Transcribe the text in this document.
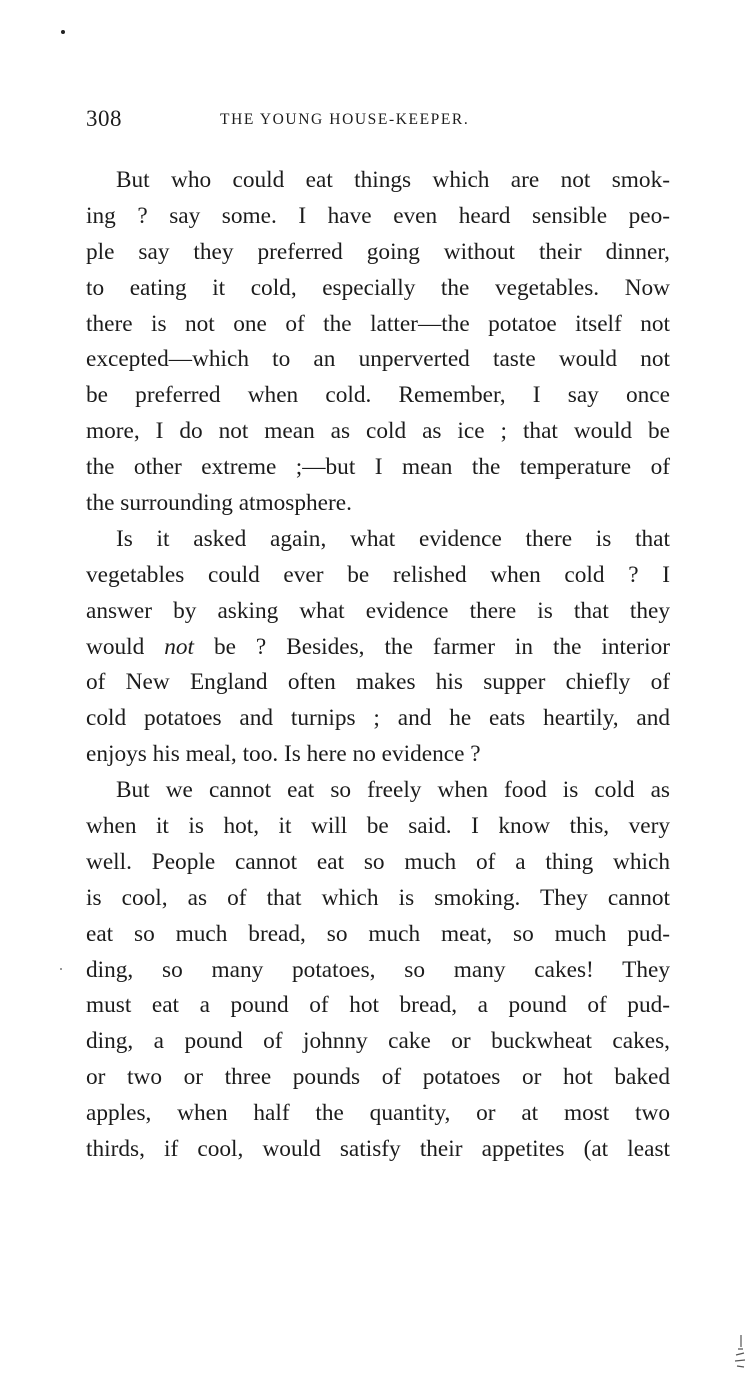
308	THE YOUNG HOUSE-KEEPER.
But who could eat things which are not smok-
ing ? say some. I have even heard sensible peo-
ple say they preferred going without their dinner,
to eating it cold, especially the vegetables. Now
there is not one of the latter—the potatoe itself not
excepted—which to an unperverted taste would not
be preferred when cold. Remember, I say once
more, I do not mean as cold as ice ; that would be
the other extreme ;—but I mean the temperature of
the surrounding atmosphere.
Is it asked again, what evidence there is that
vegetables could ever be relished when cold ? I
answer by asking what evidence there is that they
would not be ? Besides, the farmer in the interior
of New England often makes his supper chiefly of
cold potatoes and turnips ; and he eats heartily, and
enjoys his meal, too. Is here no evidence ?
But we cannot eat so freely when food is cold as
when it is hot, it will be said. I know this, very
well. People cannot eat so much of a thing which
is cool, as of that which is smoking. They cannot
eat so much bread, so much meat, so much pud-
ding, so many potatoes, so many cakes! They
must eat a pound of hot bread, a pound of pud-
ding, a pound of johnny cake or buckwheat cakes,
or two or three pounds of potatoes or hot baked
apples, when half the quantity, or at most two
thirds, if cool, would satisfy their appetites (at least
